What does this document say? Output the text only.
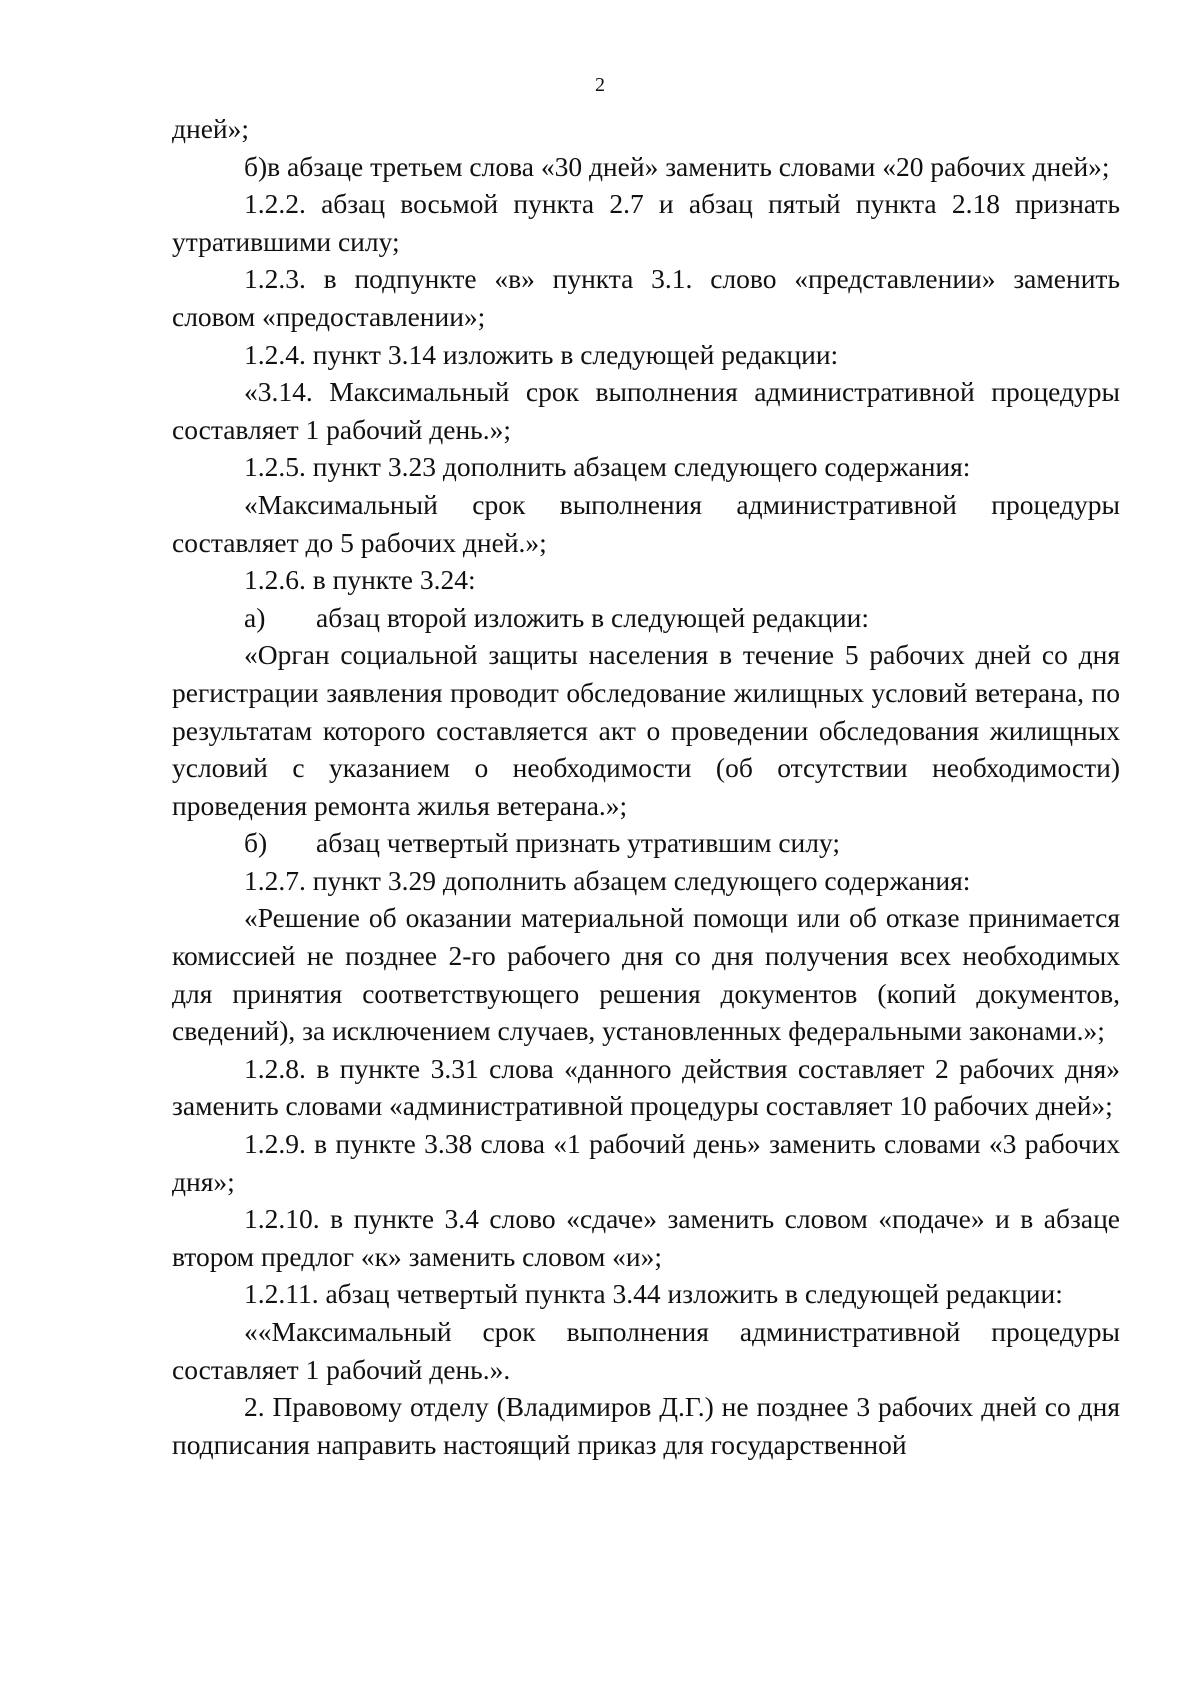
2

дней»;

б)в абзаце третьем слова «30 дней» заменить словами «20 рабочих дней»;

1.2.2. абзац восьмой пункта 2.7 и абзац пятый пункта 2.18 признать утратившими силу;

1.2.3. в подпункте «в» пункта 3.1. слово «представлении» заменить словом «предоставлении»;

1.2.4. пункт 3.14 изложить в следующей редакции:

«3.14. Максимальный срок выполнения административной процедуры составляет 1 рабочий день.»;

1.2.5. пункт 3.23 дополнить абзацем следующего содержания:

«Максимальный срок выполнения административной процедуры составляет до 5 рабочих дней.»;

1.2.6. в пункте 3.24:

а) абзац второй изложить в следующей редакции:

«Орган социальной защиты населения в течение 5 рабочих дней со дня регистрации заявления проводит обследование жилищных условий ветерана, по результатам которого составляется акт о проведении обследования жилищных условий с указанием о необходимости (об отсутствии необходимости) проведения ремонта жилья ветерана.»;

б) абзац четвертый признать утратившим силу;

1.2.7. пункт 3.29 дополнить абзацем следующего содержания:

«Решение об оказании материальной помощи или об отказе принимается комиссией не позднее 2-го рабочего дня со дня получения всех необходимых для принятия соответствующего решения документов (копий документов, сведений), за исключением случаев, установленных федеральными законами.»;

1.2.8. в пункте 3.31 слова «данного действия составляет 2 рабочих дня» заменить словами «административной процедуры составляет 10 рабочих дней»;

1.2.9. в пункте 3.38 слова «1 рабочий день» заменить словами «3 рабочих дня»;

1.2.10. в пункте 3.4 слово «сдаче» заменить словом «подаче» и в абзаце втором предлог «к» заменить словом «и»;

1.2.11. абзац четвертый пункта 3.44 изложить в следующей редакции:

««Максимальный срок выполнения административной процедуры составляет 1 рабочий день.».

2. Правовому отделу (Владимиров Д.Г.) не позднее 3 рабочих дней со дня подписания направить настоящий приказ для государственной
